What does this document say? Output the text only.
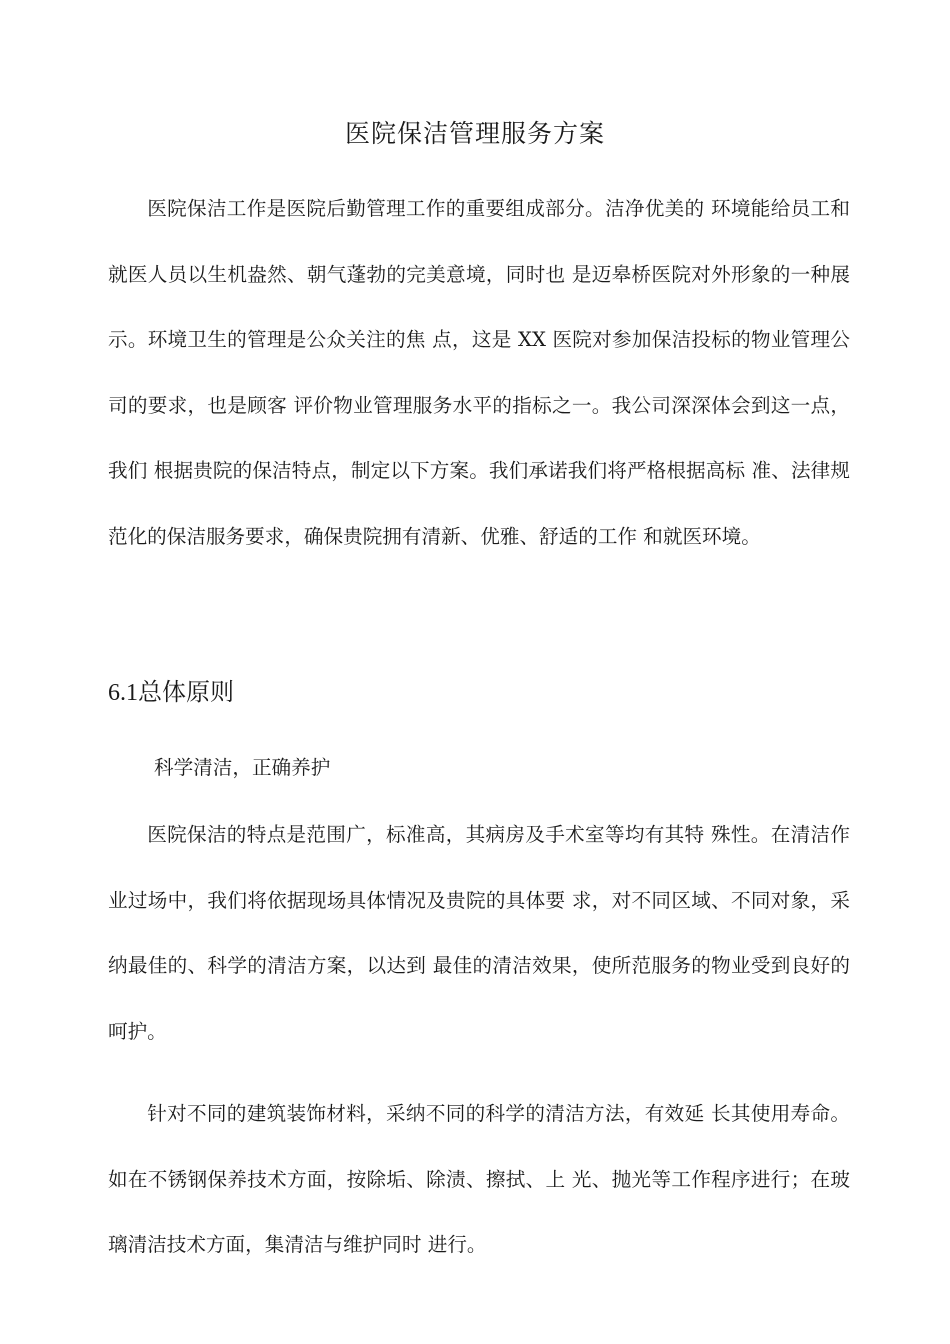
医院保洁管理服务方案

医院保洁工作是医院后勤管理工作的重要组成部分。洁净优美的 环境能给员工和就医人员以生机盎然、朝气蓬勃的完美意境，同时也 是迈皋桥医院对外形象的一种展示。环境卫生的管理是公众关注的焦 点，这是 XX 医院对参加保洁投标的物业管理公司的要求，也是顾客 评价物业管理服务水平的指标之一。我公司深深体会到这一点，我们 根据贵院的保洁特点，制定以下方案。我们承诺我们将严格根据高标 准、法律规范化的保洁服务要求，确保贵院拥有清新、优雅、舒适的工作 和就医环境。

6.1总体原则

科学清洁，正确养护

医院保洁的特点是范围广，标准高，其病房及手术室等均有其特 殊性。在清洁作业过场中，我们将依据现场具体情况及贵院的具体要 求，对不同区域、不同对象，采纳最佳的、科学的清洁方案，以达到 最佳的清洁效果，使所范服务的物业受到良好的呵护。

针对不同的建筑装饰材料，采纳不同的科学的清洁方法，有效延 长其使用寿命。如在不锈钢保养技术方面，按除垢、除渍、擦拭、上 光、抛光等工作程序进行；在玻璃清洁技术方面，集清洁与维护同时 进行。
